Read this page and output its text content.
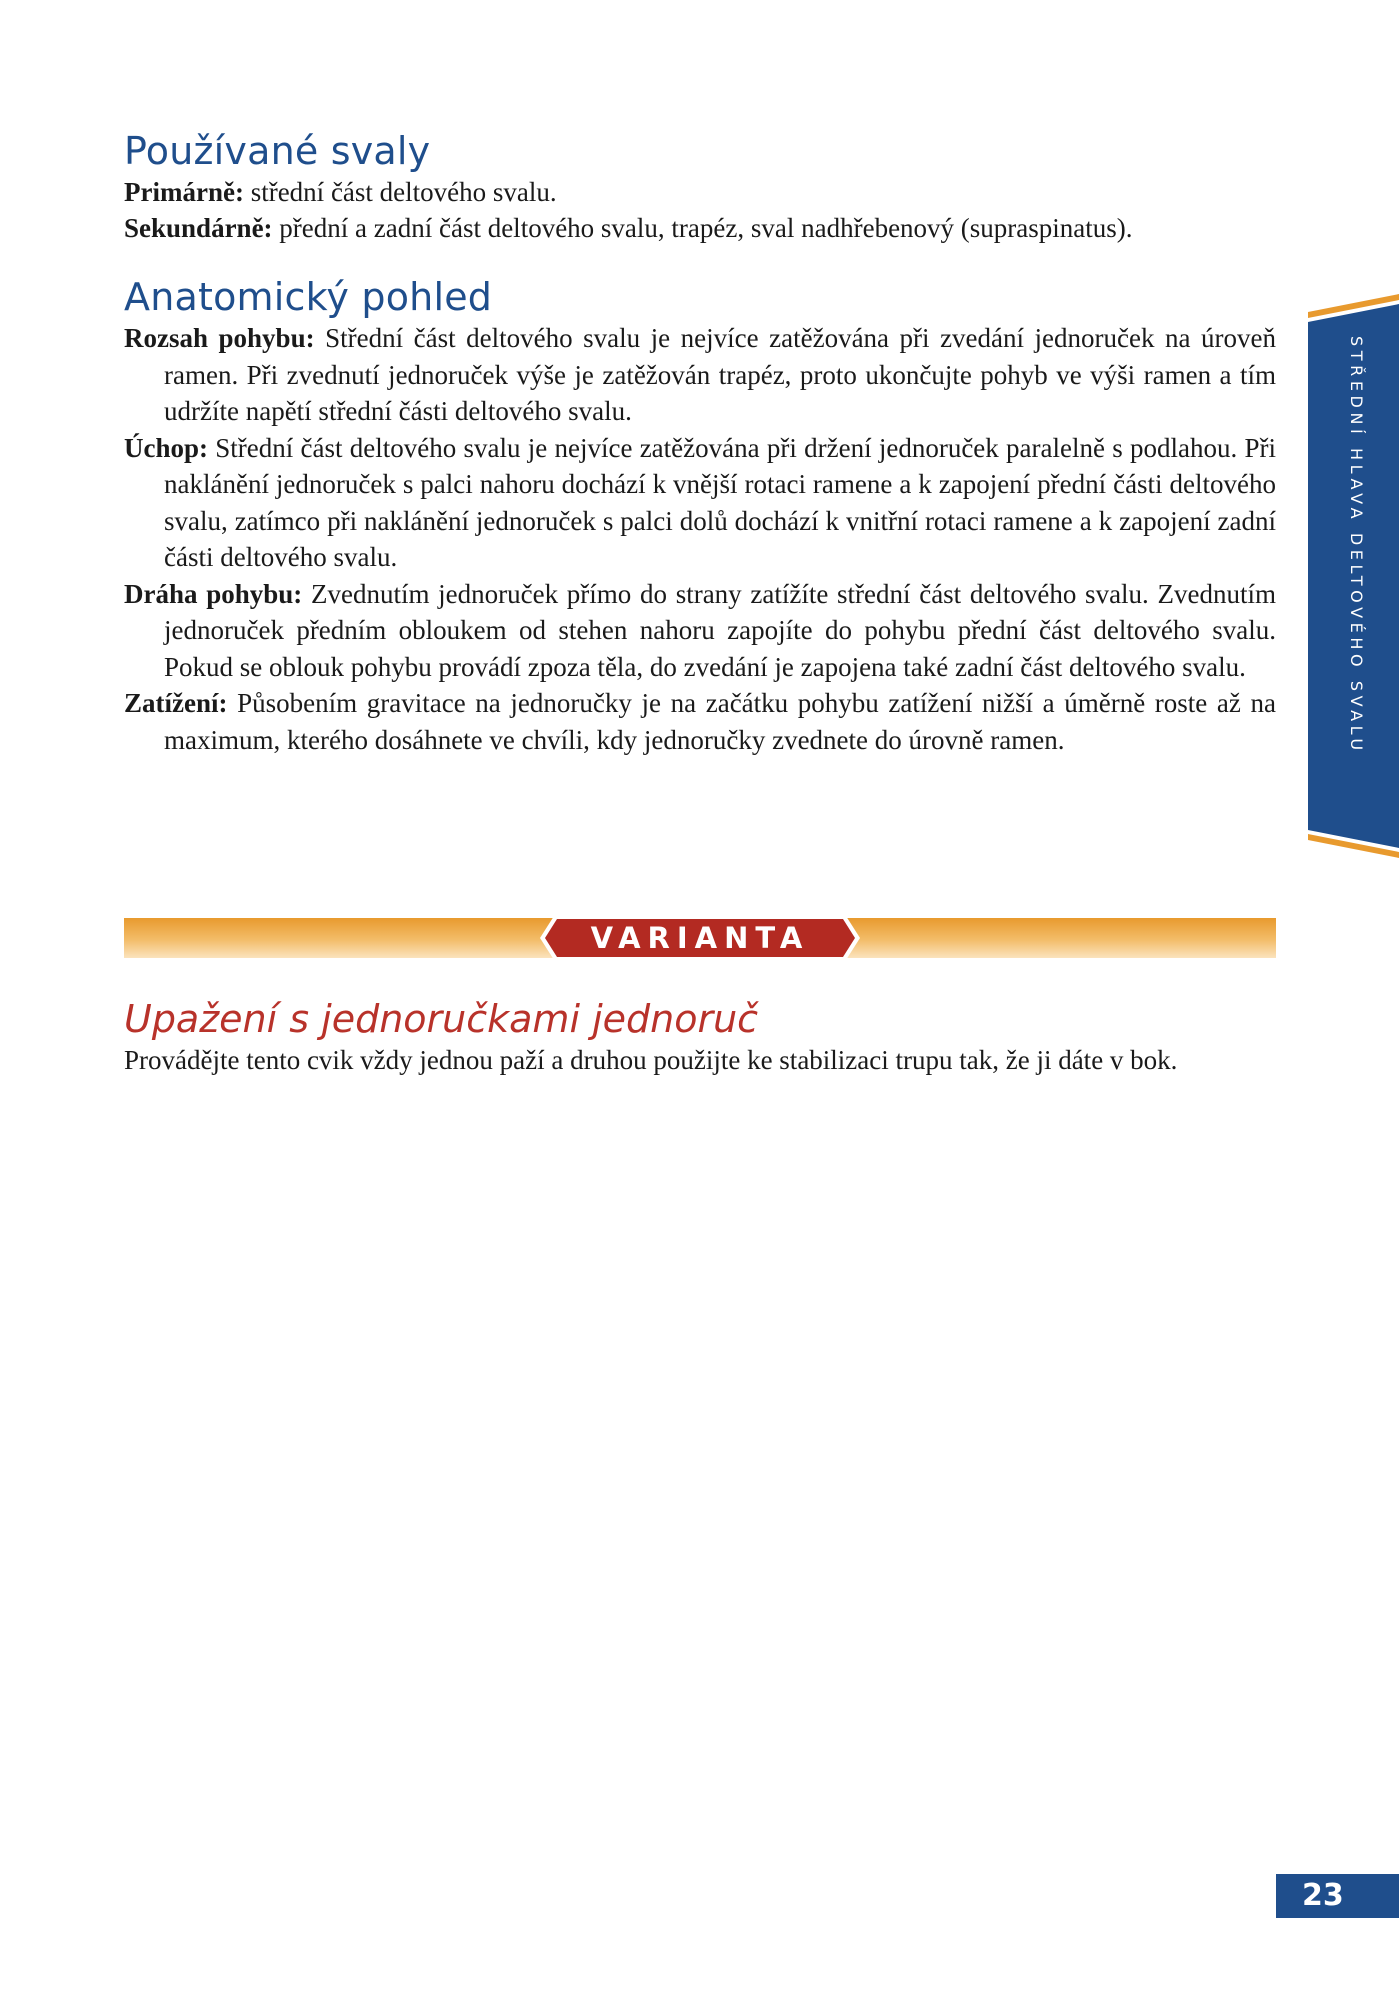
Používané svaly

Primárně: střední část deltového svalu.

Sekundárně: přední a zadní část deltového svalu, trapéz, sval nadhřebenový (supraspinatus).

Anatomický pohled

Rozsah pohybu: Střední část deltového svalu je nejvíce zatěžována při zvedání jednoruček na úroveň ramen. Při zvednutí jednoruček výše je zatěžován trapéz, proto ukončujte pohyb ve výši ramen a tím udržíte napětí střední části deltového svalu.

Úchop: Střední část deltového svalu je nejvíce zatěžována při držení jednoruček paralelně s podlahou. Při naklánění jednoruček s palci nahoru dochází k vnější rotaci ramene a k zapojení přední části deltového svalu, zatímco při naklánění jednoruček s palci dolů dochází k vnitřní rotaci ramene a k zapojení zadní části deltového svalu.

Dráha pohybu: Zvednutím jednoruček přímo do strany zatížíte střední část deltového svalu. Zvednutím jednoruček předním obloukem od stehen nahoru zapojíte do pohybu přední část deltového svalu. Pokud se oblouk pohybu provádí zpoza těla, do zvedání je zapojena také zadní část deltového svalu.

Zatížení: Působením gravitace na jednoručky je na začátku pohybu zatížení nižší a úměrně roste až na maximum, kterého dosáhnete ve chvíli, kdy jednoručky zvednete do úrovně ramen.

VARIANTA
Upažení s jednoručkami jednoruč

Provádějte tento cvik vždy jednou paží a druhou použijte ke stabilizaci trupu tak, že ji dáte v bok.

STŘEDNÍ HLAVA DELTOVÉHO SVALU
23
